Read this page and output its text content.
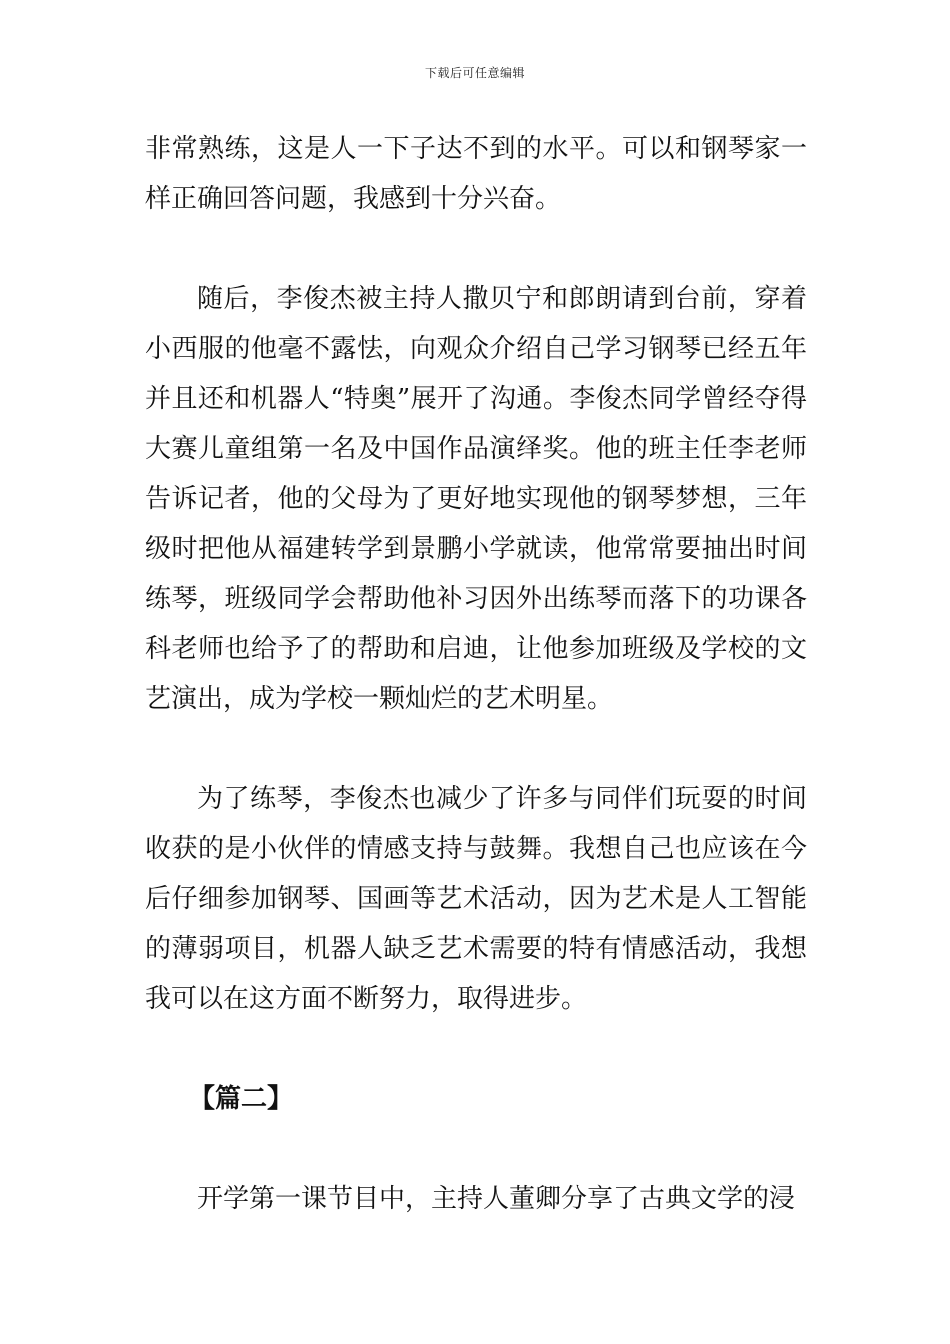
下载后可任意编辑

非常熟练，这是人一下子达不到的水平。可以和钢琴家一样正确回答问题，我感到十分兴奋。

随后，李俊杰被主持人撒贝宁和郎朗请到台前，穿着小西服的他毫不露怯，向观众介绍自己学习钢琴已经五年并且还和机器人“特奥”展开了沟通。李俊杰同学曾经夺得大赛儿童组第一名及中国作品演绎奖。他的班主任李老师告诉记者，他的父母为了更好地实现他的钢琴梦想，三年级时把他从福建转学到景鹏小学就读，他常常要抽出时间练琴，班级同学会帮助他补习因外出练琴而落下的功课各科老师也给予了的帮助和启迪，让他参加班级及学校的文艺演出，成为学校一颗灿烂的艺术明星。

为了练琴，李俊杰也减少了许多与同伴们玩耍的时间收获的是小伙伴的情感支持与鼓舞。我想自己也应该在今后仔细参加钢琴、国画等艺术活动，因为艺术是人工智能的薄弱项目，机器人缺乏艺术需要的特有情感活动，我想我可以在这方面不断努力，取得进步。

【篇二】

开学第一课节目中，主持人董卿分享了古典文学的浸
